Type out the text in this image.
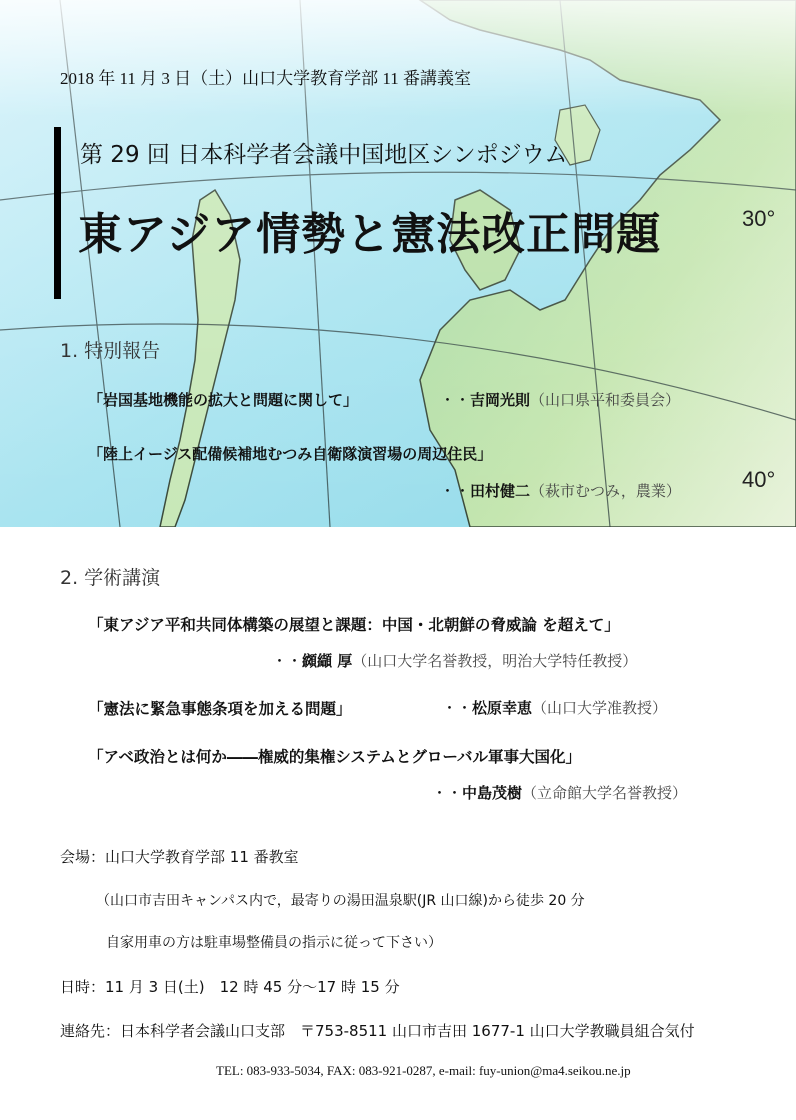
30°
40°
2018 年 11 月 3 日（土）山口大学教育学部 11 番講義室
第 29 回 日本科学者会議中国地区シンポジウム
東アジア情勢と憲法改正問題
1. 特別報告
「岩国基地機能の拡大と問題に関して」	・・吉岡光則（山口県平和委員会）
「陸上イージス配備候補地むつみ自衛隊演習場の周辺住民」
・・田村健二（萩市むつみ，農業）
2. 学術講演
「東アジア平和共同体構築の展望と課題：中国・北朝鮮の脅威論 を超えて」
・・纐纈 厚（山口大学名誉教授，明治大学特任教授）
「憲法に緊急事態条項を加える問題」	・・松原幸恵（山口大学准教授）
「アベ政治とは何か――権威的集権システムとグローバル軍事大国化」
・・中島茂樹（立命館大学名誉教授）
会場：山口大学教育学部 11 番教室
（山口市吉田キャンパス内で，最寄りの湯田温泉駅(JR 山口線)から徒歩 20 分
自家用車の方は駐車場整備員の指示に従って下さい）
日時：11 月 3 日(土)　12 時 45 分～17 時 15 分
連絡先：日本科学者会議山口支部　〒753-8511 山口市吉田 1677-1 山口大学教職員組合気付
TEL: 083-933-5034, FAX: 083-921-0287, e-mail: fuy-union@ma4.seikou.ne.jp
